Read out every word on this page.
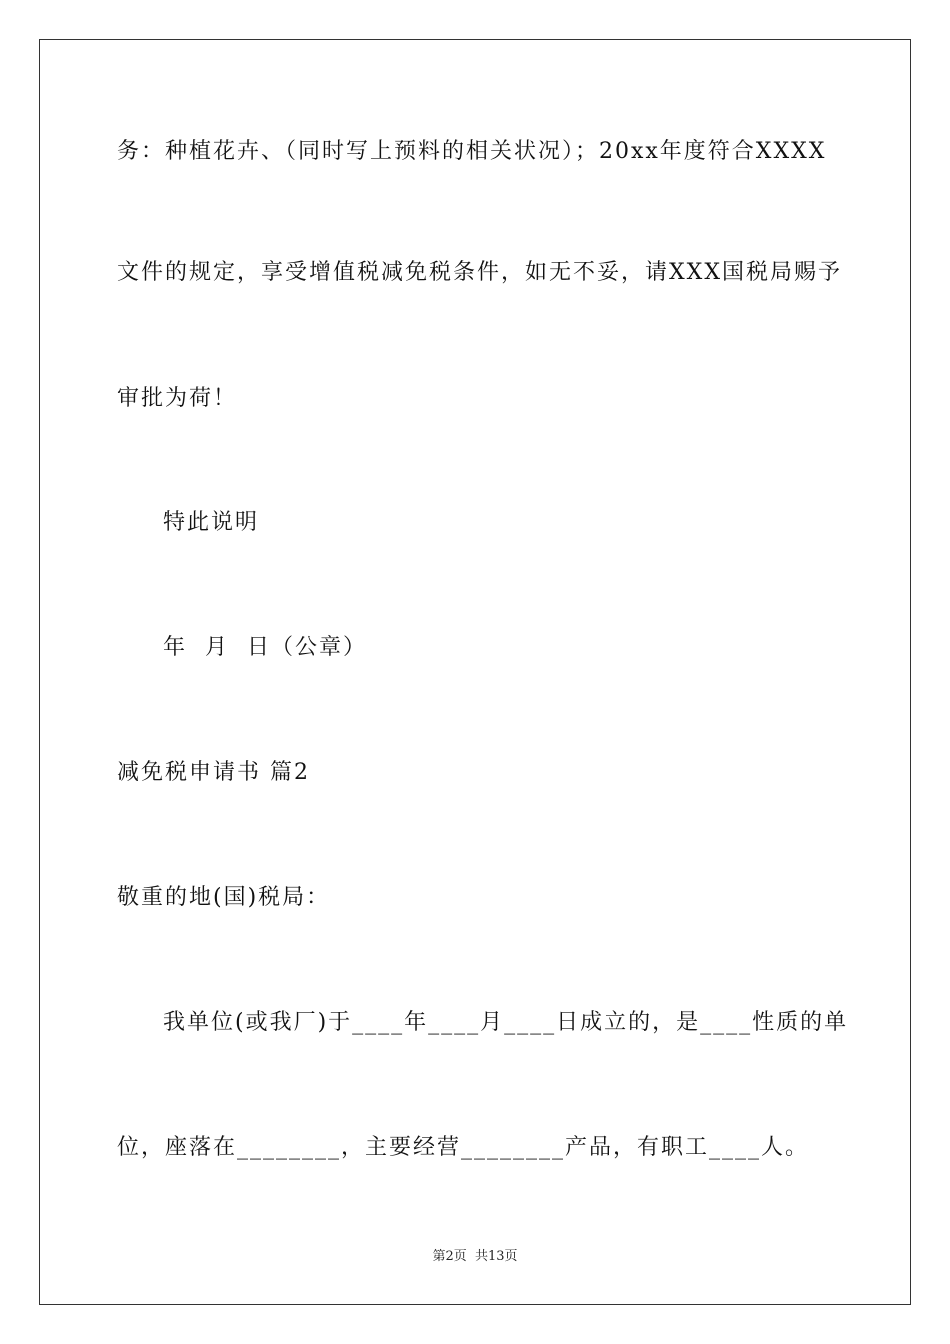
务：种植花卉、（同时写上预料的相关状况）；20xx年度符合XXXX
文件的规定，享受增值税减免税条件，如无不妥，请XXX国税局赐予
审批为荷！
特此说明
年  月  日（公章）
减免税申请书 篇2
敬重的地(国)税局：
我单位(或我厂)于____年____月____日成立的，是____性质的单
位，座落在________，主要经营________产品，有职工____人。
第2页  共13页
